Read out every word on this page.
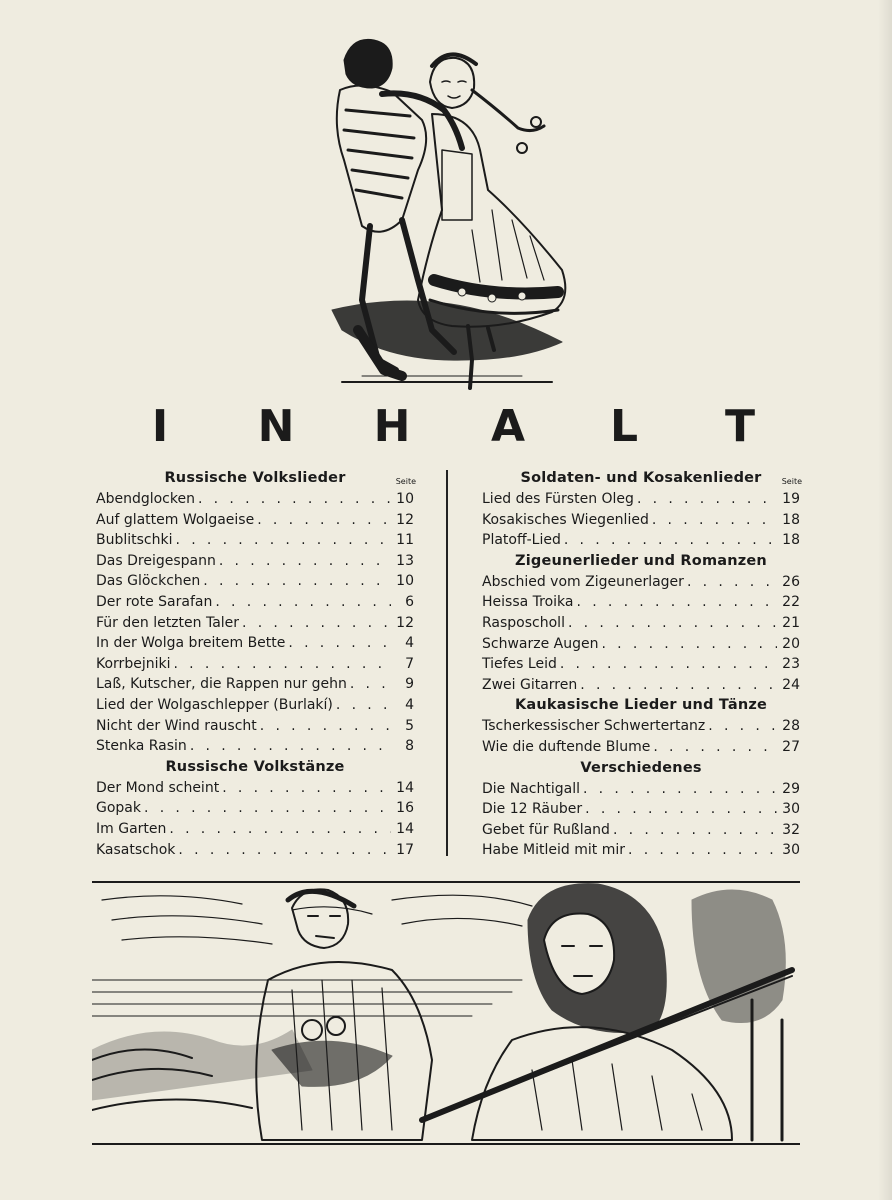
I	N H A	L	T
Russische Volkslieder	Seite
Abendglocken . . .	10
Auf glattem Wolgaeise . . .	12
Bublitschki . . .	11
Das Dreigespann . . .	13
Das Glöckchen . . .	10
Der rote Sarafan . . .	6
Für den letzten Taler . . .	12
In der Wolga breitem Bette . . .	4
Korrbejniki . . .	7
Laß, Kutscher, die Rappen nur gehn . . .	9
Lied der Wolgaschlepper (Burlakí) . . .	4
Nicht der Wind rauscht . . .	5
Stenka Rasin . . .	8
Russische Volkstänze
Der Mond scheint . . .	14
Gopak . . .	16
Im Garten . . .	14
Kasatschok . . .	17
Soldaten- und Kosakenlieder	Seite
Lied des Fürsten Oleg . . .	19
Kosakisches Wiegenlied . . .	18
Platoff-Lied . . .	18
Zigeunerlieder und Romanzen
Abschied vom Zigeunerlager . . .	26
Heissa Troika . . .	22
Rasposcholl . . .	21
Schwarze Augen . . .	20
Tiefes Leid . . .	23
Zwei Gitarren . . .	24
Kaukasische Lieder und Tänze
Tscherkessischer Schwertertanz . . .	28
Wie die duftende Blume . . .	27
Verschiedenes
Die Nachtigall . . .	29
Die 12 Räuber . . .	30
Gebet für Rußland . . .	32
Habe Mitleid mit mir . . .	30
